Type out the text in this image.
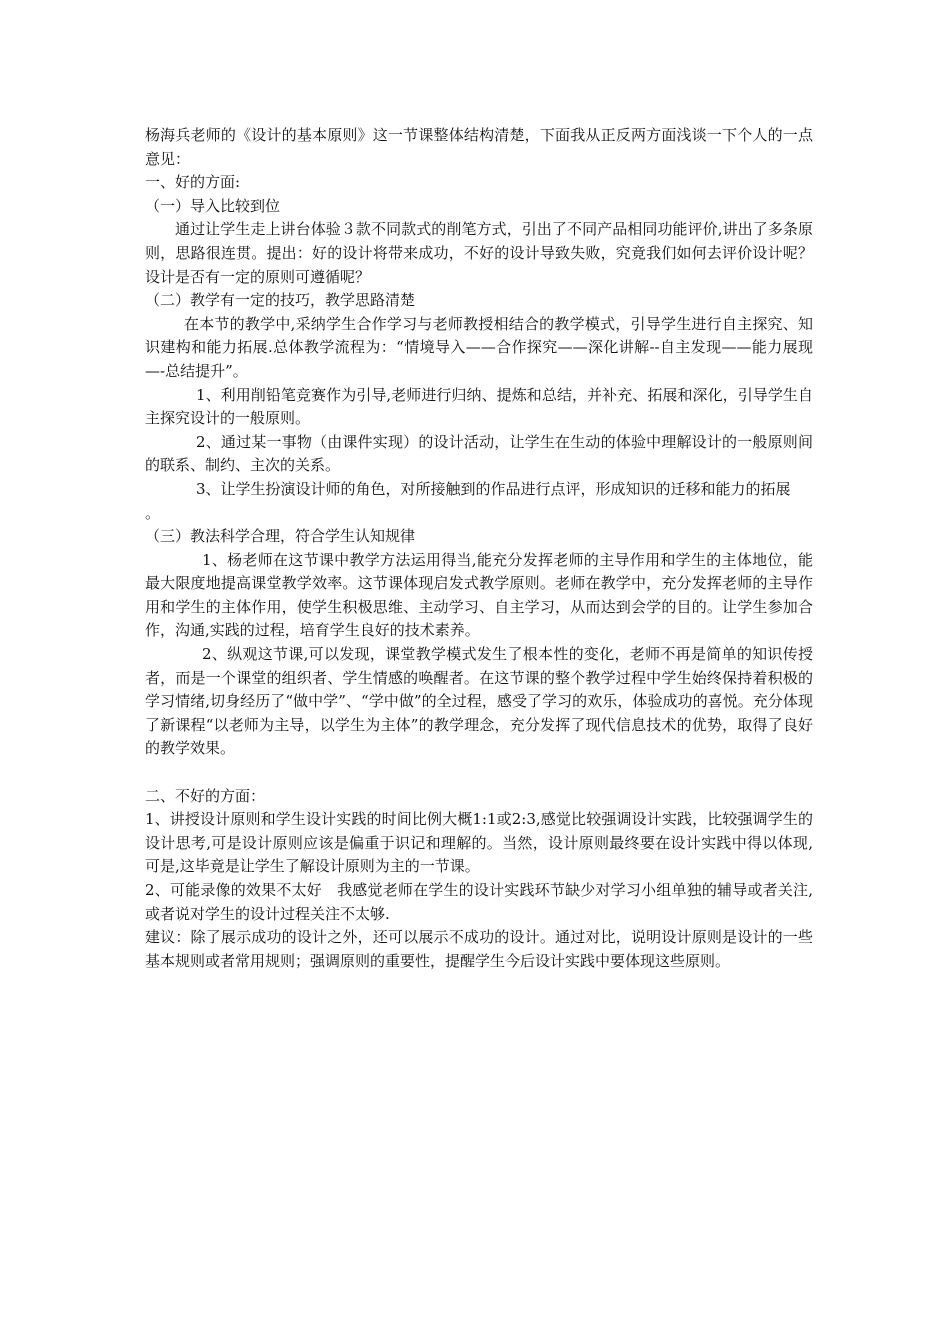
杨海兵老师的《设计的基本原则》这一节课整体结构清楚，下面我从正反两方面浅谈一下个人的一点意见：

一、好的方面:

（一）导入比较到位

通过让学生走上讲台体验３款不同款式的削笔方式，引出了不同产品相同功能评价,讲出了多条原则，思路很连贯。提出：好的设计将带来成功，不好的设计导致失败，究竟我们如何去评价设计呢？设计是否有一定的原则可遵循呢？

（二）教学有一定的技巧，教学思路清楚

在本节的教学中,采纳学生合作学习与老师教授相结合的教学模式，引导学生进行自主探究、知识建构和能力拓展.总体教学流程为：“情境导入——合作探究——深化讲解--自主发现——能力展现—-总结提升”。

1、利用削铅笔竞赛作为引导,老师进行归纳、提炼和总结，并补充、拓展和深化，引导学生自主探究设计的一般原则。

2、通过某一事物（由课件实现）的设计活动，让学生在生动的体验中理解设计的一般原则间的联系、制约、主次的关系。

3、让学生扮演设计师的角色，对所接触到的作品进行点评，形成知识的迁移和能力的拓展

。

（三）教法科学合理，符合学生认知规律

1、杨老师在这节课中教学方法运用得当,能充分发挥老师的主导作用和学生的主体地位，能最大限度地提高课堂教学效率。这节课体现启发式教学原则。老师在教学中，充分发挥老师的主导作用和学生的主体作用，使学生积极思维、主动学习、自主学习，从而达到会学的目的。让学生参加合作，沟通,实践的过程，培育学生良好的技术素养。

2、纵观这节课,可以发现，课堂教学模式发生了根本性的变化，老师不再是简单的知识传授者，而是一个课堂的组织者、学生情感的唤醒者。在这节课的整个教学过程中学生始终保持着积极的学习情绪,切身经历了“做中学”、“学中做”的全过程，感受了学习的欢乐，体验成功的喜悦。充分体现了新课程“以老师为主导，以学生为主体”的教学理念，充分发挥了现代信息技术的优势，取得了良好的教学效果。

二、不好的方面：

1、讲授设计原则和学生设计实践的时间比例大概1:1或2:3,感觉比较强调设计实践，比较强调学生的设计思考,可是设计原则应该是偏重于识记和理解的。当然，设计原则最终要在设计实践中得以体现,可是,这毕竟是让学生了解设计原则为主的一节课。

2、可能录像的效果不太好　我感觉老师在学生的设计实践环节缺少对学习小组单独的辅导或者关注,或者说对学生的设计过程关注不太够.

建议：除了展示成功的设计之外，还可以展示不成功的设计。通过对比，说明设计原则是设计的一些基本规则或者常用规则；强调原则的重要性，提醒学生今后设计实践中要体现这些原则。
